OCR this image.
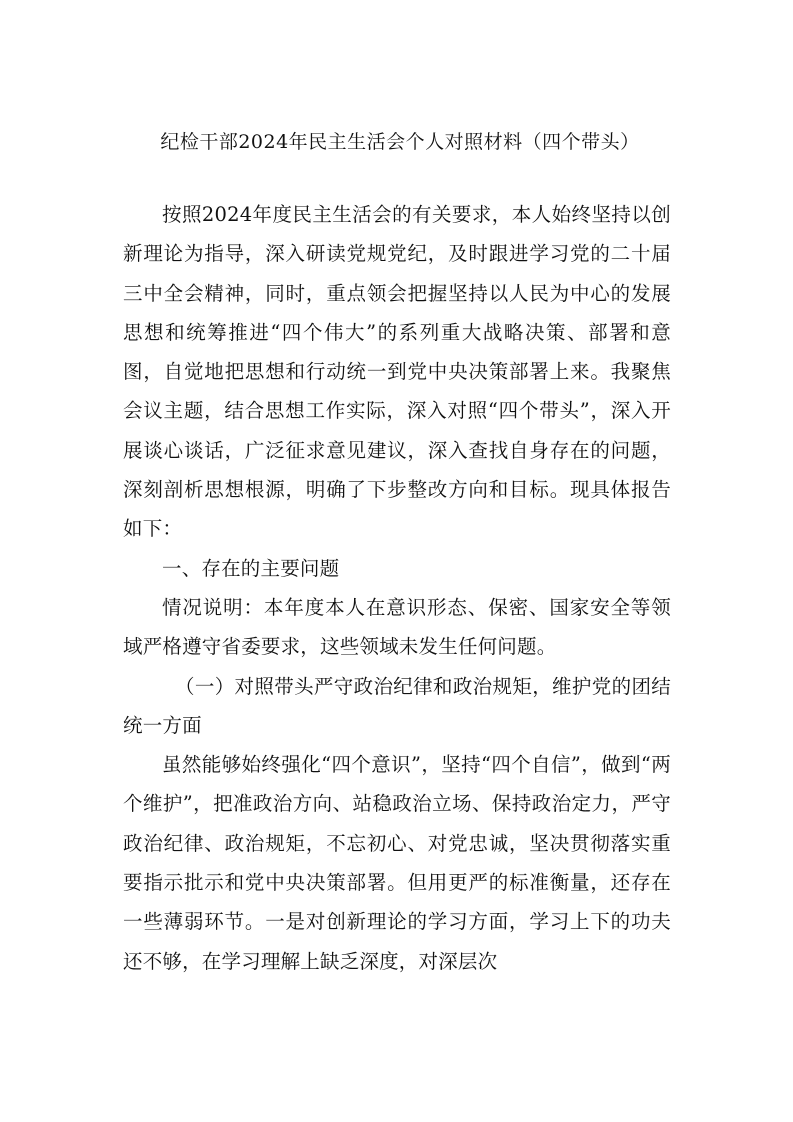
纪检干部2024年民主生活会个人对照材料（四个带头）

按照2024年度民主生活会的有关要求，本人始终坚持以创新理论为指导，深入研读党规党纪，及时跟进学习党的二十届三中全会精神，同时，重点领会把握坚持以人民为中心的发展思想和统筹推进“四个伟大”的系列重大战略决策、部署和意图，自觉地把思想和行动统一到党中央决策部署上来。我聚焦会议主题，结合思想工作实际，深入对照“四个带头”，深入开展谈心谈话，广泛征求意见建议，深入查找自身存在的问题，深刻剖析思想根源，明确了下步整改方向和目标。现具体报告如下：

一、存在的主要问题

情况说明：本年度本人在意识形态、保密、国家安全等领域严格遵守省委要求，这些领域未发生任何问题。

（一）对照带头严守政治纪律和政治规矩，维护党的团结统一方面

虽然能够始终强化“四个意识”，坚持“四个自信”，做到“两个维护”，把准政治方向、站稳政治立场、保持政治定力，严守政治纪律、政治规矩，不忘初心、对党忠诚，坚决贯彻落实重要指示批示和党中央决策部署。但用更严的标准衡量，还存在一些薄弱环节。一是对创新理论的学习方面，学习上下的功夫还不够，在学习理解上缺乏深度，对深层次
